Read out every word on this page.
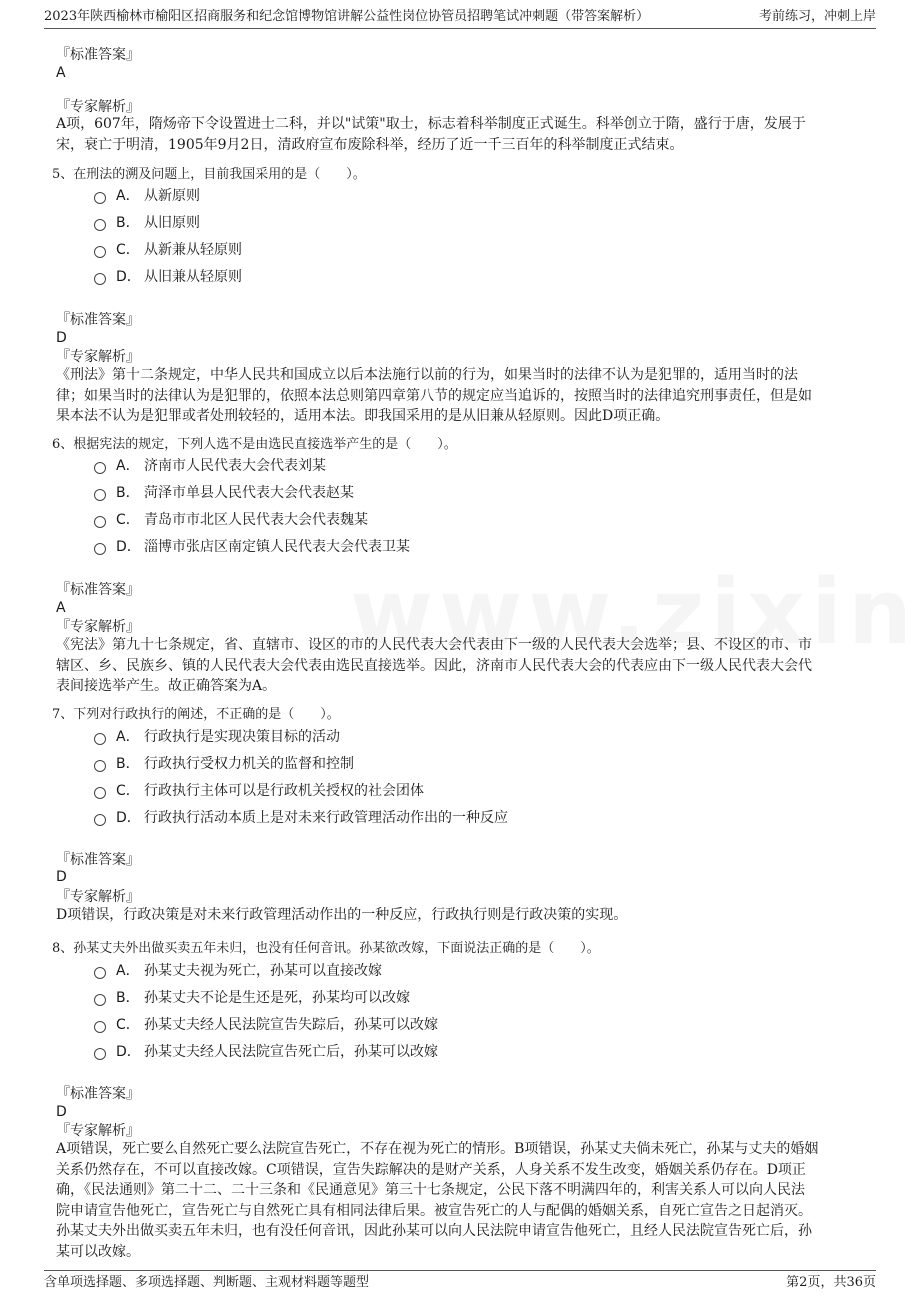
2023年陕西榆林市榆阳区招商服务和纪念馆博物馆讲解公益性岗位协管员招聘笔试冲刺题（带答案解析）	考前练习，冲刺上岸
『标准答案』
A
『专家解析』
A项，607年，隋炀帝下令设置进士二科，并以"试策"取士，标志着科举制度正式诞生。科举创立于隋，盛行于唐，发展于
宋，衰亡于明清，1905年9月2日，清政府宣布废除科举，经历了近一千三百年的科举制度正式结束。
5、在刑法的溯及问题上，目前我国采用的是（　　）。
A． 从新原则
B． 从旧原则
C． 从新兼从轻原则
D． 从旧兼从轻原则
『标准答案』
D
『专家解析』
《刑法》第十二条规定，中华人民共和国成立以后本法施行以前的行为，如果当时的法律不认为是犯罪的，适用当时的法
律；如果当时的法律认为是犯罪的，依照本法总则第四章第八节的规定应当追诉的，按照当时的法律追究刑事责任，但是如
果本法不认为是犯罪或者处刑较轻的，适用本法。即我国采用的是从旧兼从轻原则。因此D项正确。
6、根据宪法的规定，下列人选不是由选民直接选举产生的是（　　）。
A． 济南市人民代表大会代表刘某
B． 菏泽市单县人民代表大会代表赵某
C． 青岛市市北区人民代表大会代表魏某
D． 淄博市张店区南定镇人民代表大会代表卫某
『标准答案』
A
『专家解析』
《宪法》第九十七条规定，省、直辖市、设区的市的人民代表大会代表由下一级的人民代表大会选举；县、不设区的市、市
辖区、乡、民族乡、镇的人民代表大会代表由选民直接选举。因此，济南市人民代表大会的代表应由下一级人民代表大会代
表间接选举产生。故正确答案为A。
7、下列对行政执行的阐述，不正确的是（　　）。
A． 行政执行是实现决策目标的活动
B． 行政执行受权力机关的监督和控制
C． 行政执行主体可以是行政机关授权的社会团体
D． 行政执行活动本质上是对未来行政管理活动作出的一种反应
『标准答案』
D
『专家解析』
D项错误，行政决策是对未来行政管理活动作出的一种反应，行政执行则是行政决策的实现。
8、孙某丈夫外出做买卖五年未归，也没有任何音讯。孙某欲改嫁，下面说法正确的是（　　）。
A． 孙某丈夫视为死亡，孙某可以直接改嫁
B． 孙某丈夫不论是生还是死，孙某均可以改嫁
C． 孙某丈夫经人民法院宣告失踪后，孙某可以改嫁
D． 孙某丈夫经人民法院宣告死亡后，孙某可以改嫁
『标准答案』
D
『专家解析』
A项错误，死亡要么自然死亡要么法院宣告死亡，不存在视为死亡的情形。B项错误，孙某丈夫倘未死亡，孙某与丈夫的婚姻
关系仍然存在，不可以直接改嫁。C项错误，宣告失踪解决的是财产关系，人身关系不发生改变，婚姻关系仍存在。D项正
确，《民法通则》第二十二、二十三条和《民通意见》第三十七条规定，公民下落不明满四年的，利害关系人可以向人民法
院申请宣告他死亡，宣告死亡与自然死亡具有相同法律后果。被宣告死亡的人与配偶的婚姻关系，自死亡宣告之日起消灭。
孙某丈夫外出做买卖五年未归，也有没任何音讯，因此孙某可以向人民法院申请宣告他死亡，且经人民法院宣告死亡后，孙
某可以改嫁。
含单项选择题、多项选择题、判断题、主观材料题等题型	第2页，共36页
